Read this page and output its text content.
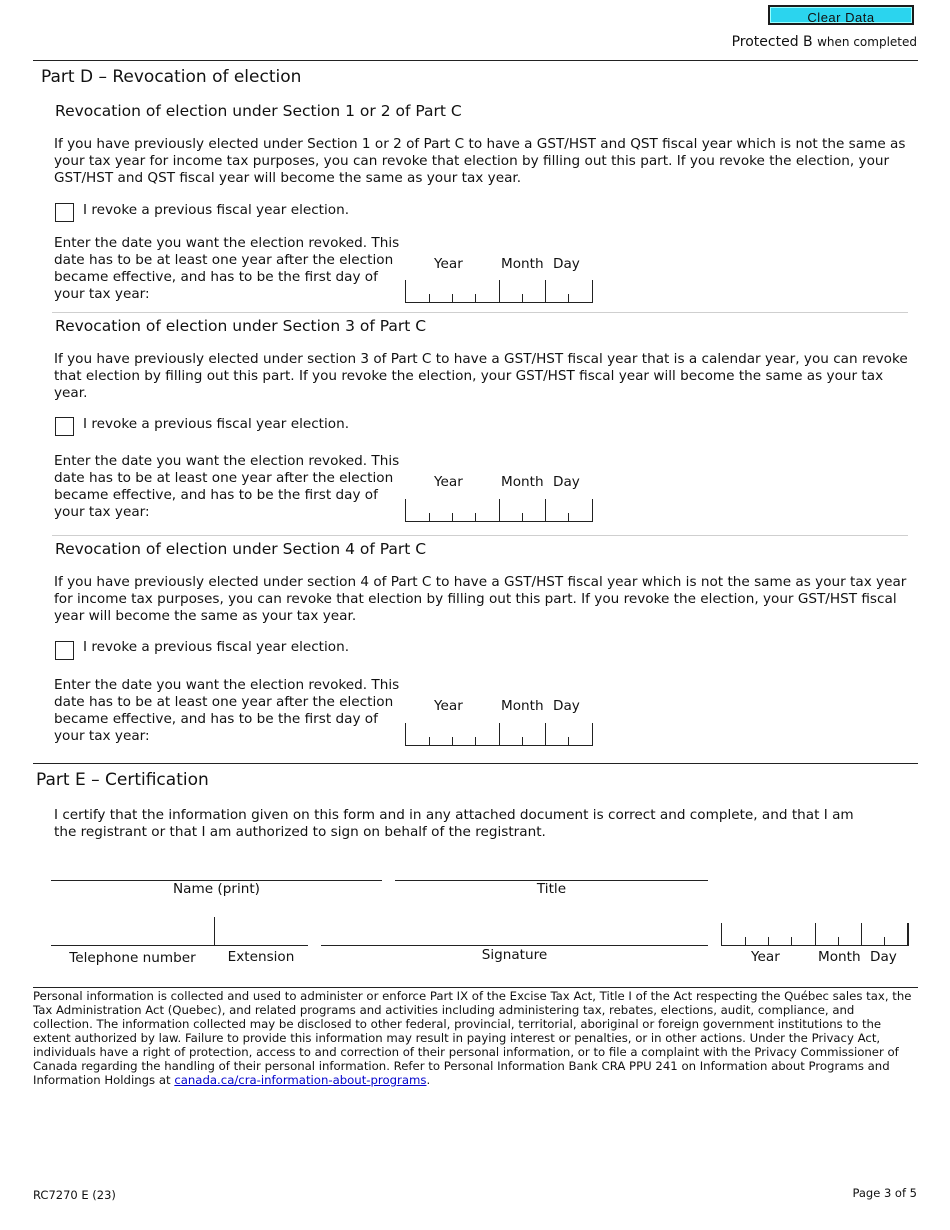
Clear Data
Protected B when completed
Part D – Revocation of election
Revocation of election under Section 1 or 2 of Part C
If you have previously elected under Section 1 or 2 of Part C to have a GST/HST and QST fiscal year which is not the same as your tax year for income tax purposes, you can revoke that election by filling out this part. If you revoke the election, your GST/HST and QST fiscal year will become the same as your tax year.
I revoke a previous fiscal year election.
Enter the date you want the election revoked. This date has to be at least one year after the election became effective, and has to be the first day of your tax year:
Year	Month Day
Revocation of election under Section 3 of Part C
If you have previously elected under section 3 of Part C to have a GST/HST fiscal year that is a calendar year, you can revoke that election by filling out this part. If you revoke the election, your GST/HST fiscal year will become the same as your tax year.
I revoke a previous fiscal year election.
Enter the date you want the election revoked. This date has to be at least one year after the election became effective, and has to be the first day of your tax year:
Year	Month Day
Revocation of election under Section 4 of Part C
If you have previously elected under section 4 of Part C to have a GST/HST fiscal year which is not the same as your tax year for income tax purposes, you can revoke that election by filling out this part. If you revoke the election, your GST/HST fiscal year will become the same as your tax year.
I revoke a previous fiscal year election.
Enter the date you want the election revoked. This date has to be at least one year after the election became effective, and has to be the first day of your tax year:
Year	Month Day
Part E – Certification
I certify that the information given on this form and in any attached document is correct and complete, and that I am the registrant or that I am authorized to sign on behalf of the registrant.
Name (print)	Title
Telephone number	Extension	Signature	Year	Month Day
Personal information is collected and used to administer or enforce Part IX of the Excise Tax Act, Title I of the Act respecting the Québec sales tax, the Tax Administration Act (Quebec), and related programs and activities including administering tax, rebates, elections, audit, compliance, and collection. The information collected may be disclosed to other federal, provincial, territorial, aboriginal or foreign government institutions to the extent authorized by law. Failure to provide this information may result in paying interest or penalties, or in other actions. Under the Privacy Act, individuals have a right of protection, access to and correction of their personal information, or to file a complaint with the Privacy Commissioner of Canada regarding the handling of their personal information. Refer to Personal Information Bank CRA PPU 241 on Information about Programs and Information Holdings at canada.ca/cra-information-about-programs.
RC7270 E (23)	Page 3 of 5
